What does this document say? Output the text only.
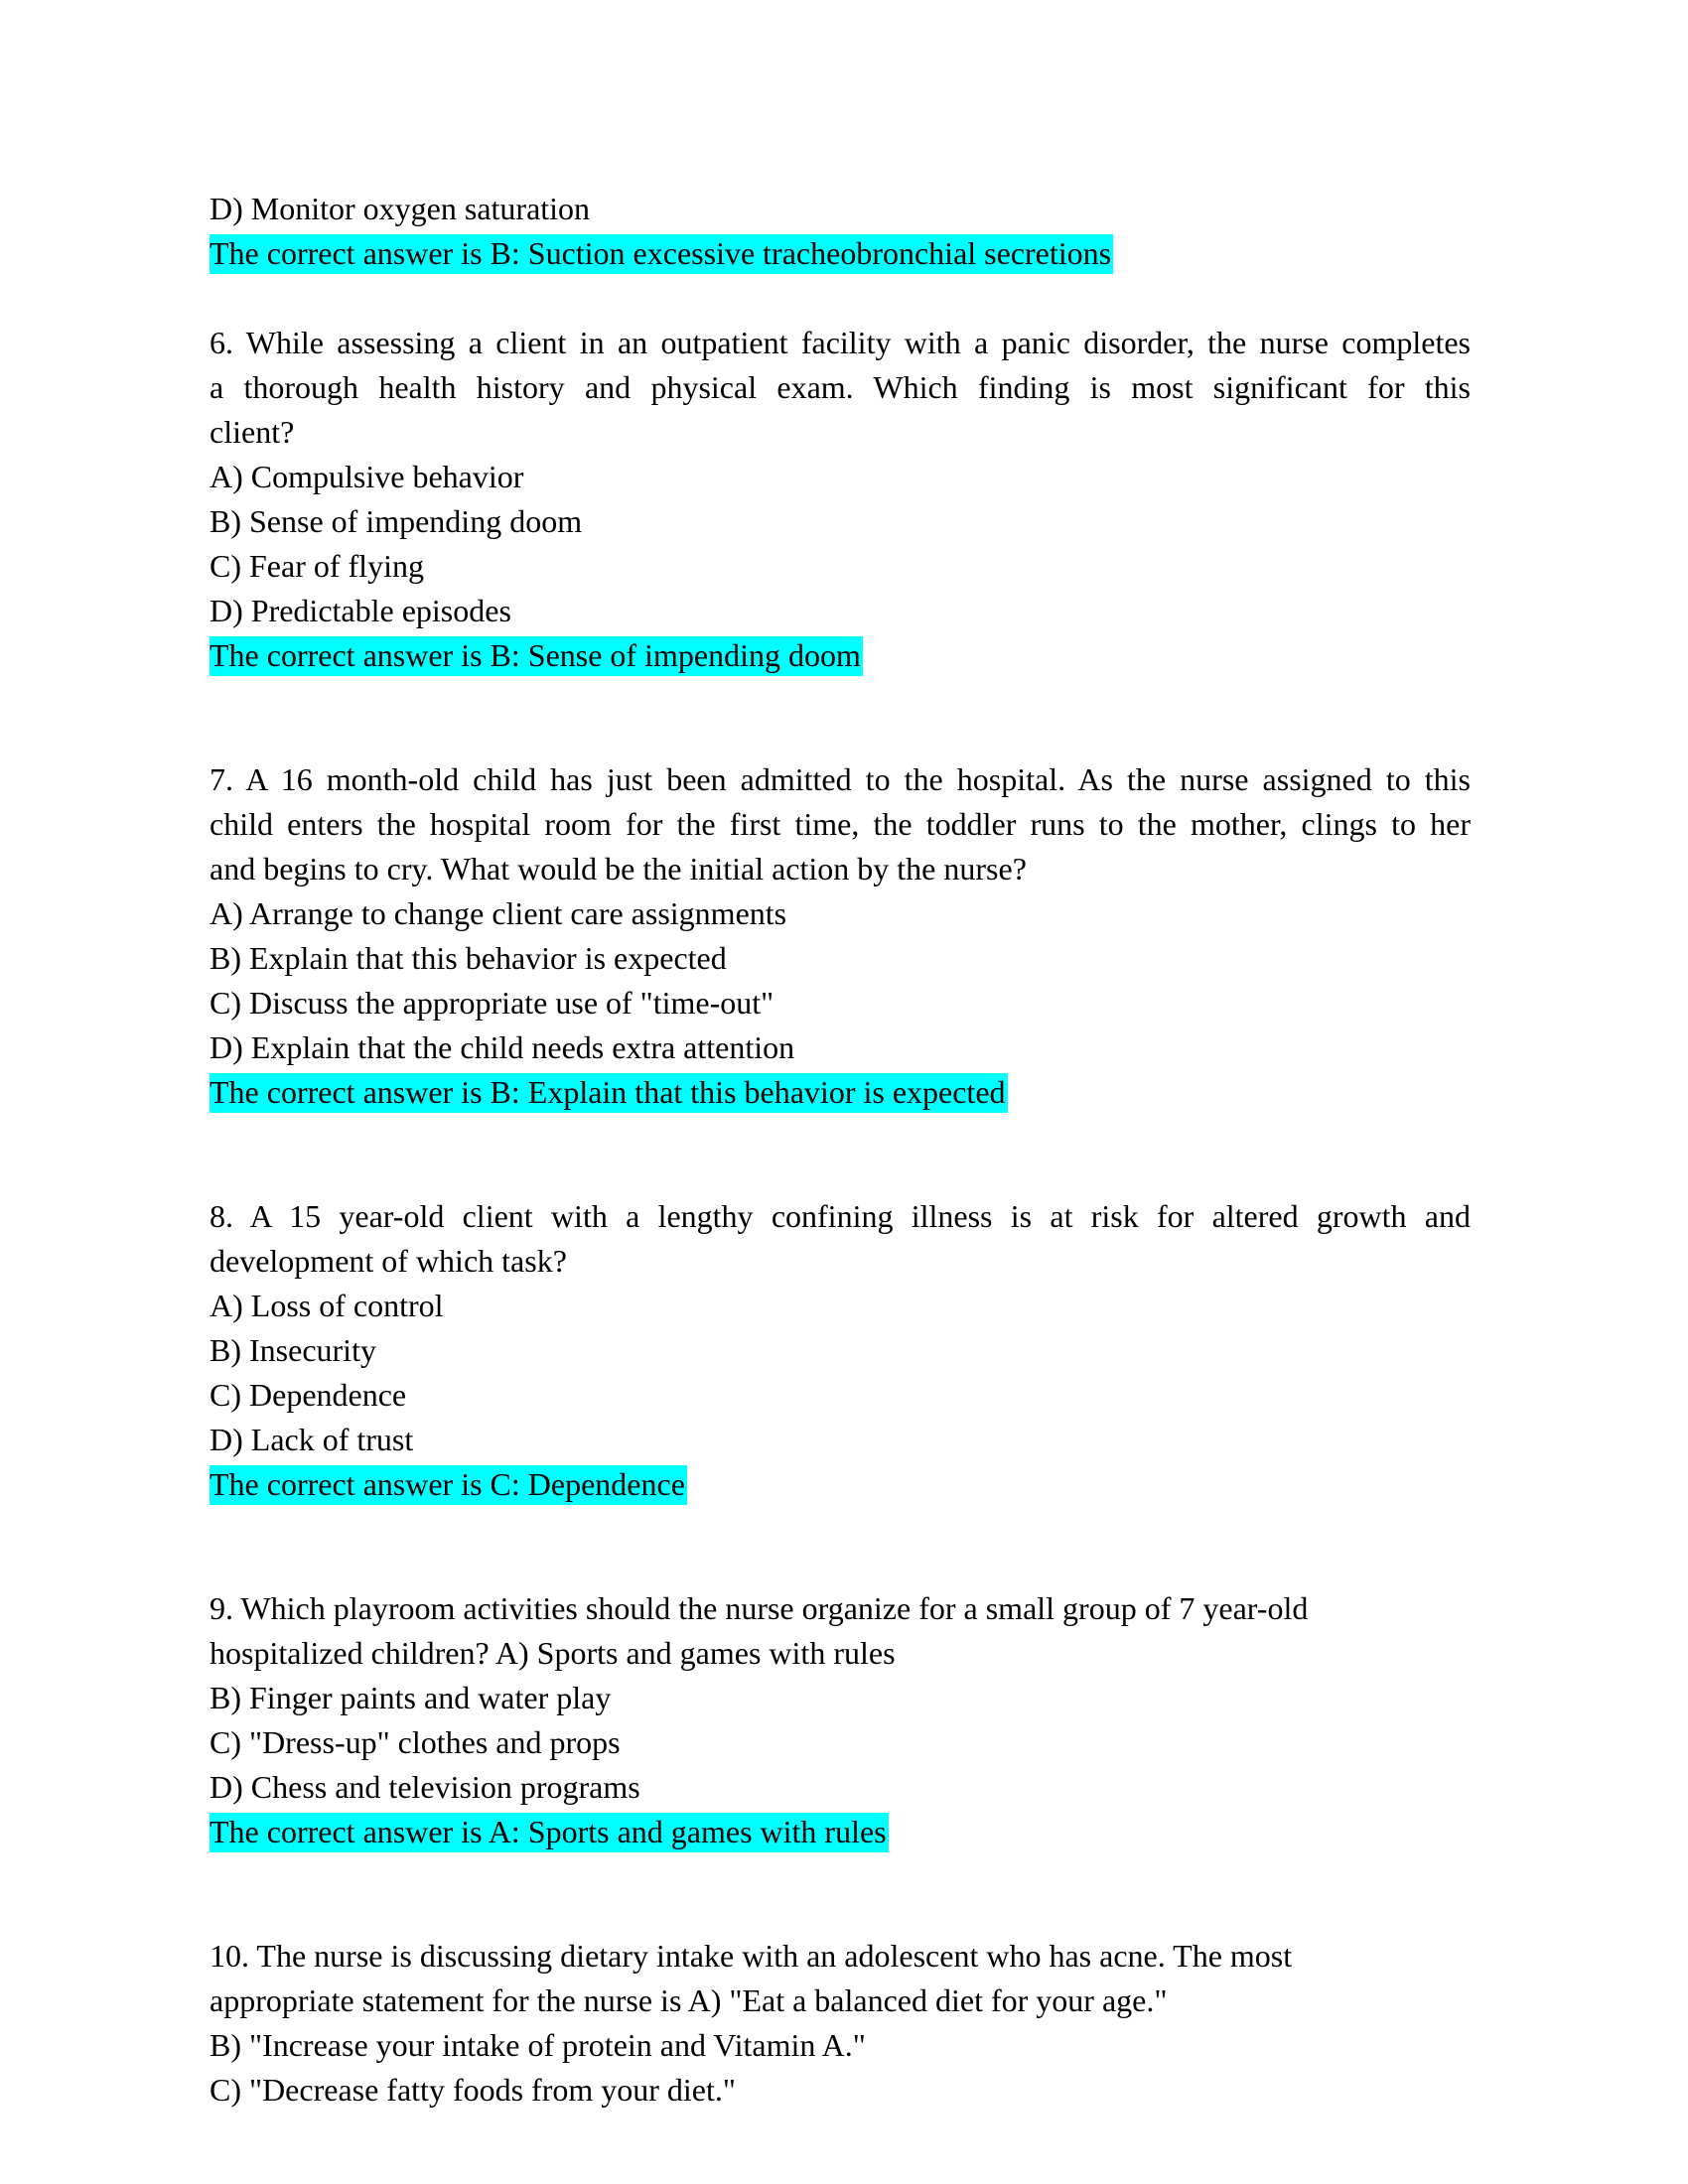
D) Monitor oxygen saturation
The correct answer is B: Suction excessive tracheobronchial secretions
6. While assessing a client in an outpatient facility with a panic disorder, the nurse completes
a thorough health history and physical exam. Which finding is most significant for this
client?
A) Compulsive behavior
B) Sense of impending doom
C) Fear of flying
D) Predictable episodes
The correct answer is B: Sense of impending doom
7. A 16 month-old child has just been admitted to the hospital. As the nurse assigned to this
child enters the hospital room for the first time, the toddler runs to the mother, clings to her
and begins to cry. What would be the initial action by the nurse?
A) Arrange to change client care assignments
B) Explain that this behavior is expected
C) Discuss the appropriate use of "time-out"
D) Explain that the child needs extra attention
The correct answer is B: Explain that this behavior is expected
8. A 15 year-old client with a lengthy confining illness is at risk for altered growth and
development of which task?
A) Loss of control
B) Insecurity
C) Dependence
D) Lack of trust
The correct answer is C: Dependence
9. Which playroom activities should the nurse organize for a small group of 7 year-old
hospitalized children? A) Sports and games with rules
B) Finger paints and water play
C) "Dress-up" clothes and props
D) Chess and television programs
The correct answer is A: Sports and games with rules
10. The nurse is discussing dietary intake with an adolescent who has acne. The most
appropriate statement for the nurse is A) "Eat a balanced diet for your age."
B) "Increase your intake of protein and Vitamin A."
C) "Decrease fatty foods from your diet."
